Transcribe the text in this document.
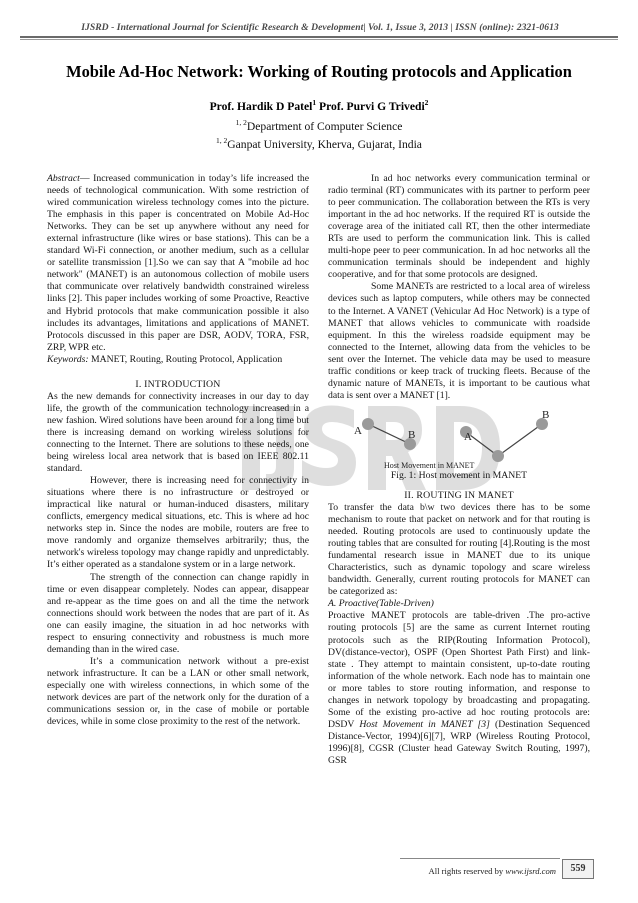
IJSRD - International Journal for Scientific Research & Development| Vol. 1, Issue 3, 2013 | ISSN (online): 2321-0613
Mobile Ad-Hoc Network: Working of Routing protocols and Application
Prof. Hardik D Patel$^1$ Prof. Purvi G Trivedi$^2$
$^{1, 2}$Department of Computer Science
$^{1, 2}$Ganpat University, Kherva, Gujarat, India

Abstract— Increased communication in today’s life increased the needs of technological communication. With some restriction of wired communication wireless technology comes into the picture. The emphasis in this paper is concentrated on Mobile Ad-Hoc Networks. They can be set up anywhere without any need for external infrastructure (like wires or base stations). This can be a standard Wi-Fi connection, or another medium, such as a cellular or satellite transmission [1].So we can say that A "mobile ad hoc network" (MANET) is an autonomous collection of mobile users that communicate over relatively bandwidth constrained wireless links [2]. This paper includes working of some Proactive, Reactive and Hybrid protocols that make communication possible it also includes its advantages, limitations and applications of MANET. Protocols discussed in this paper are DSR, AODV, TORA, FSR, ZRP, WPR etc.

Keywords: MANET, Routing, Routing Protocol, Application

I. INTRODUCTION

As the new demands for connectivity increases in our day to day life, the growth of the communication technology increased in a new fashion. Wired solutions have been around for a long time but there is increasing demand on working wireless solutions for connecting to the Internet. There are solutions to these needs, one being wireless local area network that is based on IEEE 802.11 standard.

However, there is increasing need for connectivity in situations where there is no infrastructure or destroyed or impractical like natural or human-induced disasters, military conflicts, emergency medical situations, etc. This is where ad hoc networks step in. Since the nodes are mobile, routers are free to move randomly and organize themselves arbitrarily; thus, the network's wireless topology may change rapidly and unpredictably. It’s either operated as a standalone system or in a large network.

The strength of the connection can change rapidly in time or even disappear completely. Nodes can appear, disappear and re-appear as the time goes on and all the time the network connections should work between the nodes that are part of it. As one can easily imagine, the situation in ad hoc networks with respect to ensuring connectivity and robustness is much more demanding than in the wired case.

It’s a communication network without a pre-exist network infrastructure. It can be a LAN or other small network, especially one with wireless connections, in which some of the network devices are part of the network only for the duration of a communications session or, in the case of mobile or portable devices, while in some close proximity to the rest of the network.

In ad hoc networks every communication terminal or radio terminal (RT) communicates with its partner to perform peer to peer communication. The collaboration between the RTs is very important in the ad hoc networks. If the required RT is outside the coverage area of the initiated call RT, then the other intermediate RTs are used to perform the communication link. This is called multi-hope peer to peer communication. In ad hoc networks all the communication terminals should be independent and highly cooperative, and for that some protocols are designed.

Some MANETs are restricted to a local area of wireless devices such as laptop computers, while others may be connected to the Internet. A VANET (Vehicular Ad Hoc Network) is a type of MANET that allows vehicles to communicate with roadside equipment. In this the wireless roadside equipment may be connected to the Internet, allowing data from the vehicles to be sent over the Internet. The vehicle data may be used to measure traffic conditions or keep track of trucking fleets. Because of the dynamic nature of MANETs, it is important to be cautious what data is sent over a MANET [1].

A	B	A
B
Host Movement in MANET

Fig. 1: Host movement in MANET

II. ROUTING IN MANET

To transfer the data b\w two devices there has to be some mechanism to route that packet on network and for that routing is needed. Routing protocols are used to continuously update the routing tables that are consulted for routing [4].Routing is the most fundamental research issue in MANET due to its unique Characteristics, such as dynamic topology and scare wireless bandwidth. Generally, current routing protocols for MANET can be categorized as:

A. Proactive(Table-Driven)

Proactive MANET protocols are table-driven .The pro-active routing protocols [5] are the same as current Internet routing protocols such as the RIP(Routing Information Protocol), DV(distance-vector), OSPF (Open Shortest Path First) and link-state . They attempt to maintain consistent, up-to-date routing information of the whole network. Each node has to maintain one or more tables to store routing information, and response to changes in network topology by broadcasting and propagating. Some of the existing pro-active ad hoc routing protocols are: DSDV Host Movement in MANET [3] (Destination Sequenced Distance-Vector, 1994)[6][7], WRP (Wireless Routing Protocol, 1996)[8], CGSR (Cluster head Gateway Switch Routing, 1997), GSR

All rights reserved by www.ijsrd.com	559
